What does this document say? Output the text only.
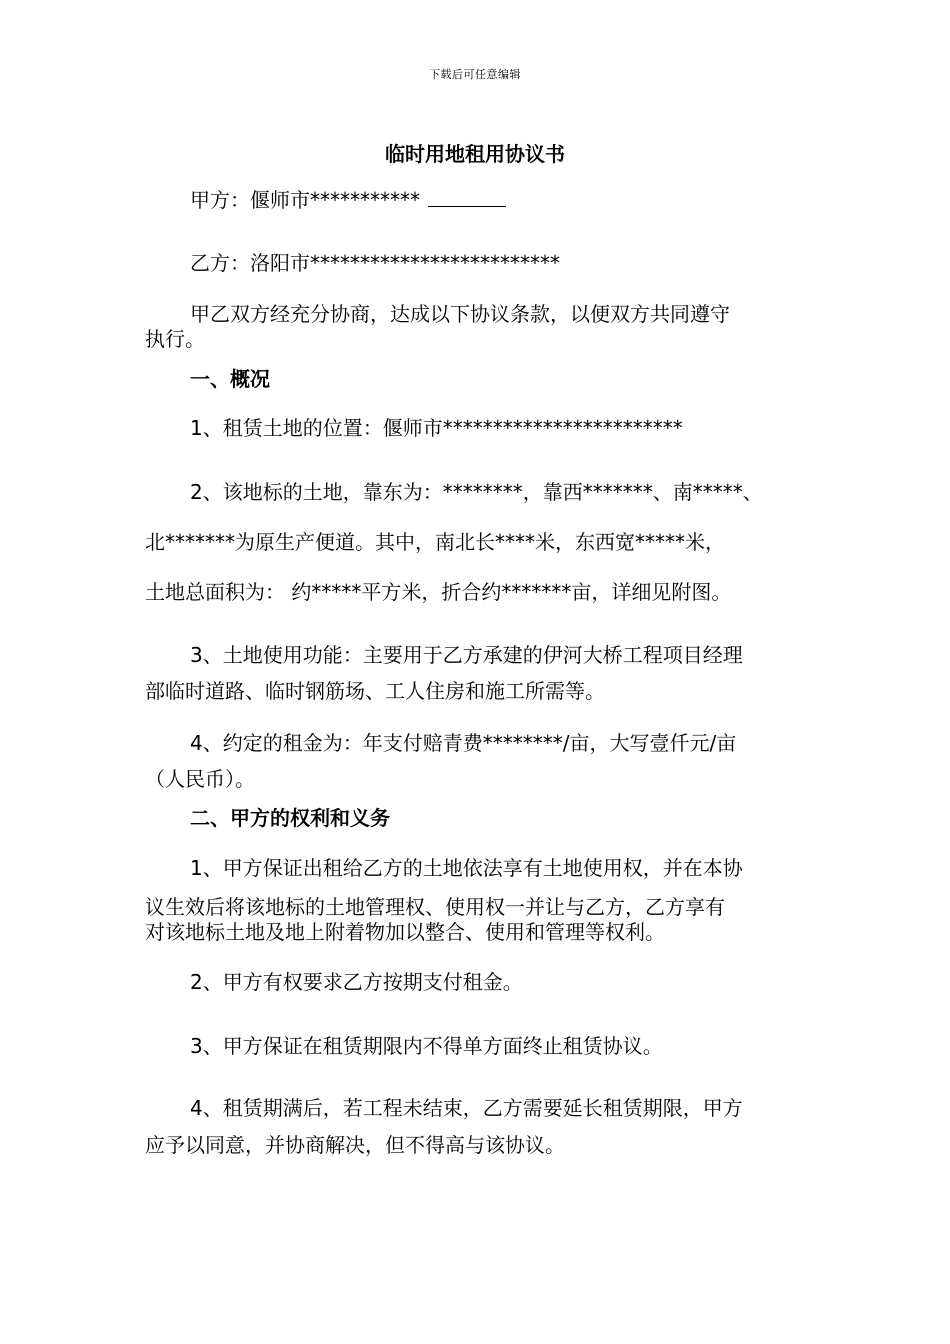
下载后可任意编辑
临时用地租用协议书
甲方：偃师市***********
乙方：洛阳市*************************
甲乙双方经充分协商，达成以下协议条款，以便双方共同遵守
执行。
一、概况
1、租赁土地的位置：偃师市************************
2、该地标的土地，靠东为：********，靠西*******、南*****、
北*******为原生产便道。其中，南北长****米，东西宽*****米，
土地总面积为： 约*****平方米，折合约*******亩，详细见附图。
3、土地使用功能：主要用于乙方承建的伊河大桥工程项目经理
部临时道路、临时钢筋场、工人住房和施工所需等。
4、约定的租金为：年支付赔青费********/亩，大写壹仟元/亩
（人民币）。
二、甲方的权利和义务
1、甲方保证出租给乙方的土地依法享有土地使用权，并在本协
议生效后将该地标的土地管理权、使用权一并让与乙方，乙方享有
对该地标土地及地上附着物加以整合、使用和管理等权利。
2、甲方有权要求乙方按期支付租金。
3、甲方保证在租赁期限内不得单方面终止租赁协议。
4、租赁期满后，若工程未结束，乙方需要延长租赁期限，甲方
应予以同意，并协商解决，但不得高与该协议。
